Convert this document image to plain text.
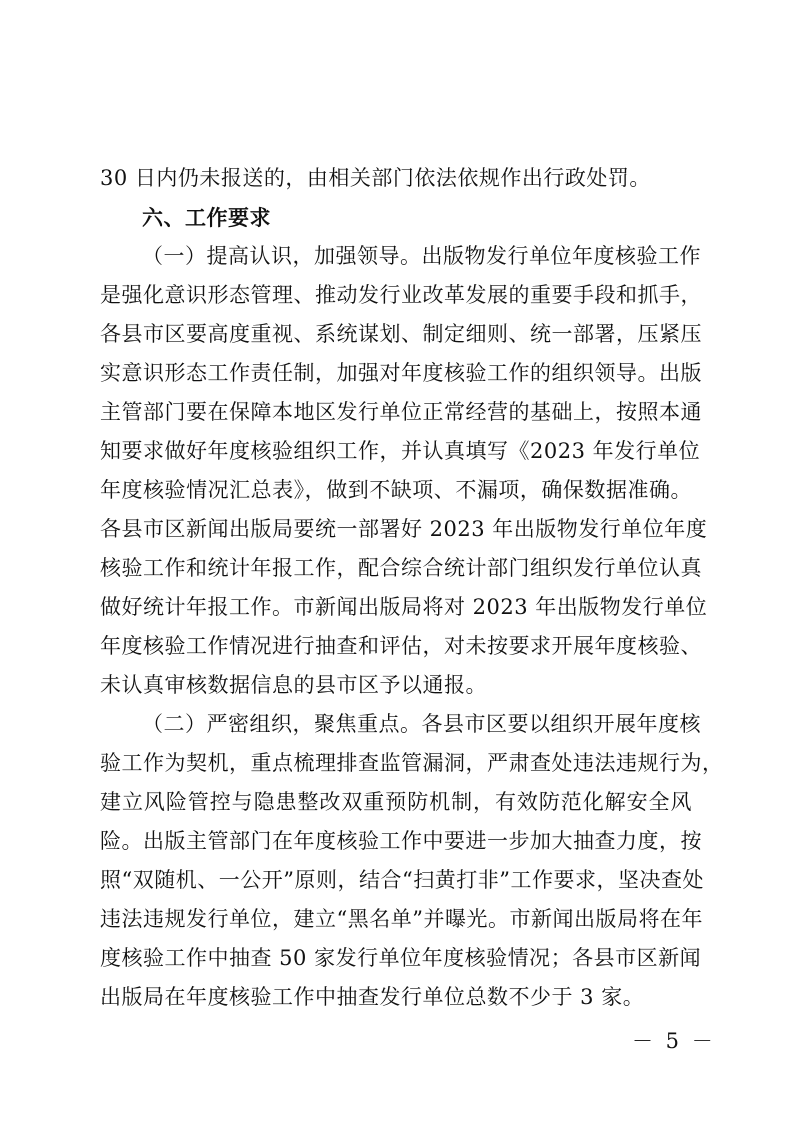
30 日内仍未报送的，由相关部门依法依规作出行政处罚。
六、工作要求
（一）提高认识，加强领导。出版物发行单位年度核验工作
是强化意识形态管理、推动发行业改革发展的重要手段和抓手，
各县市区要高度重视、系统谋划、制定细则、统一部署，压紧压
实意识形态工作责任制，加强对年度核验工作的组织领导。出版
主管部门要在保障本地区发行单位正常经营的基础上，按照本通
知要求做好年度核验组织工作，并认真填写《2023 年发行单位
年度核验情况汇总表》，做到不缺项、不漏项，确保数据准确。
各县市区新闻出版局要统一部署好 2023 年出版物发行单位年度
核验工作和统计年报工作，配合综合统计部门组织发行单位认真
做好统计年报工作。市新闻出版局将对 2023 年出版物发行单位
年度核验工作情况进行抽查和评估，对未按要求开展年度核验、
未认真审核数据信息的县市区予以通报。
（二）严密组织，聚焦重点。各县市区要以组织开展年度核
验工作为契机，重点梳理排查监管漏洞，严肃查处违法违规行为，
建立风险管控与隐患整改双重预防机制，有效防范化解安全风
险。出版主管部门在年度核验工作中要进一步加大抽查力度，按
照“双随机、一公开”原则，结合“扫黄打非”工作要求，坚决查处
违法违规发行单位，建立“黑名单”并曝光。市新闻出版局将在年
度核验工作中抽查 50 家发行单位年度核验情况；各县市区新闻
出版局在年度核验工作中抽查发行单位总数不少于 3 家。
－ 5 －
